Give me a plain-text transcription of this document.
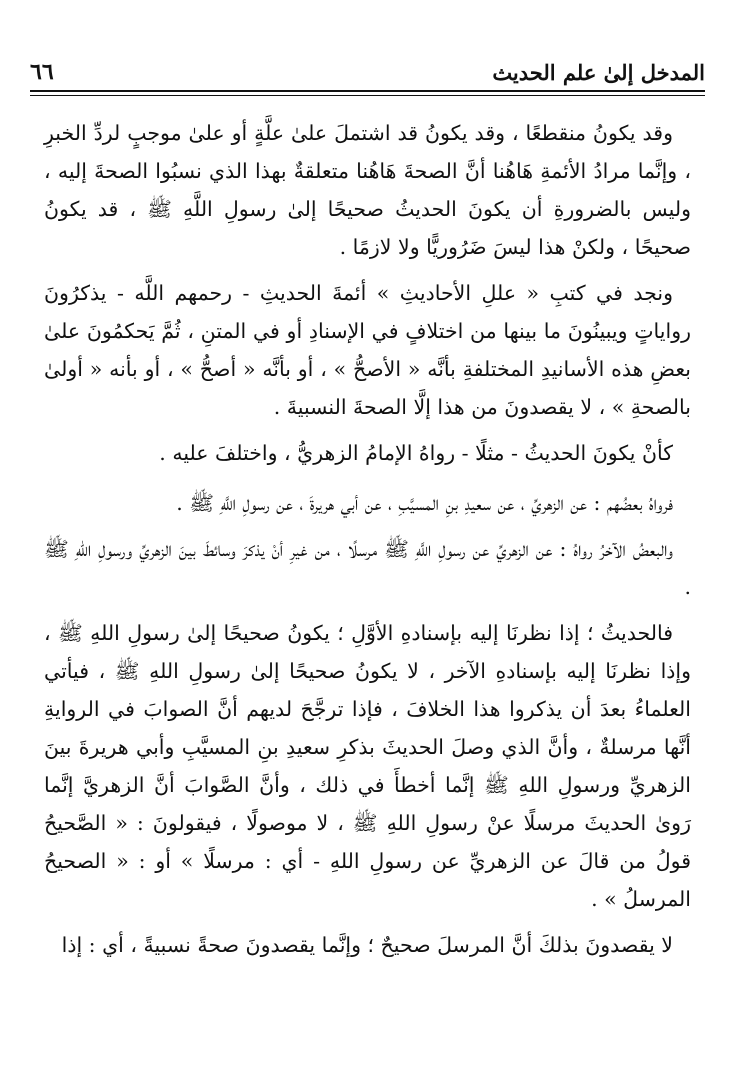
المدخل إلىٰ علم الحديث
٦٦

وقد يكونُ منقطعًا ، وقد يكونُ قد اشتملَ علىٰ علَّةٍ أو علىٰ موجبٍ لردِّ الخبرِ ، وإنَّما مرادُ الأئمةِ هَاهُنا أنَّ الصحةَ هَاهُنا متعلقةٌ بهذا الذي نسبُوا الصحةَ إليه ، وليس بالضرورةِ أن يكونَ الحديثُ صحيحًا إلىٰ رسولِ اللَّهِ ﷺ ، قد يكونُ صحيحًا ، ولكنْ هذا ليسَ ضَرُوريًّا ولا لازمًا .

ونجد في كتبِ « عللِ الأحاديثِ » أئمةَ الحديثِ - رحمهم اللَّه - يذكرُونَ رواياتٍ ويبينُونَ ما بينها من اختلافٍ في الإسنادِ أو في المتنِ ، ثُمَّ يَحكمُونَ علىٰ بعضِ هذه الأسانيدِ المختلفةِ بأنَّه « الأصحُّ » ، أو بأنَّه « أصحُّ » ، أو بأنه « أولىٰ بالصحةِ » ، لا يقصدونَ من هذا إلَّا الصحةَ النسبيةَ .

كأنْ يكونَ الحديثُ - مثلًا - رواهُ الإمامُ الزهريُّ ، واختلفَ عليه .

فرواهُ بعضُهم : عن الزهريِّ ، عن سعيدِ بنِ المسيَّبِ ، عن أبي هريرةَ ، عن رسولِ اللَّهِ ﷺ .

والبعضُ الآخرُ رواهُ : عن الزهريِّ عن رسولِ اللَّهِ ﷺ مرسلًا ، من غيرِ أنْ يذكرَ وسائطَ بينَ الزهريِّ ورسولِ اللهِ ﷺ .

فالحديثُ ؛ إذا نظرنَا إليه بإسنادهِ الأوَّلِ ؛ يكونُ صحيحًا إلىٰ رسولِ اللهِ ﷺ ، وإذا نظرنَا إليه بإسنادهِ الآخر ، لا يكونُ صحيحًا إلىٰ رسولِ اللهِ ﷺ ، فيأتي العلماءُ بعدَ أن يذكروا هذا الخلافَ ، فإذا ترجَّحَ لديهم أنَّ الصوابَ في الروايةِ أنَّها مرسلةٌ ، وأنَّ الذي وصلَ الحديثَ بذكرِ سعيدِ بنِ المسيَّبِ وأبي هريرةَ بينَ الزهريِّ ورسولِ اللهِ ﷺ إنَّما أخطأَ في ذلك ، وأنَّ الصَّوابَ أنَّ الزهريَّ إنَّما رَوىٰ الحديثَ مرسلًا عنْ رسولِ اللهِ ﷺ ، لا موصولًا ، فيقولونَ : « الصَّحيحُ قولُ من قالَ عن الزهريِّ عن رسولِ اللهِ - أي : مرسلًا » أو : « الصحيحُ المرسلُ » .

لا يقصدونَ بذلكَ أنَّ المرسلَ صحيحٌ ؛ وإنَّما يقصدونَ صحةً نسبيةً ، أي : إذا
